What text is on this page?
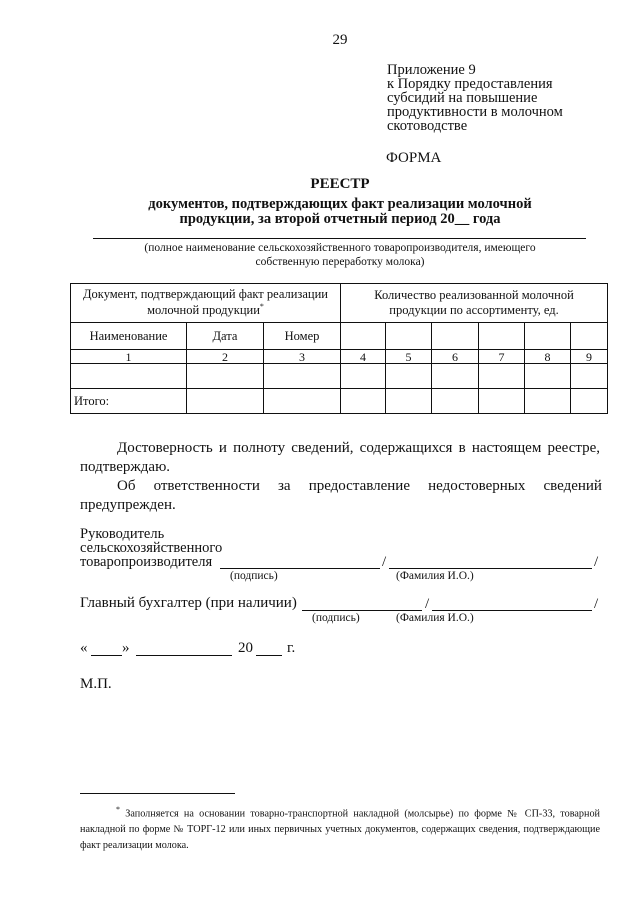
29
Приложение 9
к Порядку предоставления
субсидий на повышение
продуктивности в молочном
скотоводстве
ФОРМА
РЕЕСТР
документов, подтверждающих факт реализации молочной
продукции, за второй отчетный период 20__ года
(полное наименование сельскохозяйственного товаропроизводителя, имеющего
собственную переработку молока)
Документ, подтверждающий факт реализации молочной продукции*			Количество реализованной молочной продукции по ассортименту, ед.					
Наименование	Дата	Номер						
1	2	3	4	5	6	7	8	9

Итого:								
Достоверность и полноту сведений, содержащихся в настоящем реестре, подтверждаю.
Об ответственности за предоставление недостоверных сведений
предупрежден.
Руководитель
сельскохозяйственного
товаропроизводителя	/	/
(подпись)	(Фамилия И.О.)
Главный бухгалтер (при наличии)	/	/
(подпись)	(Фамилия И.О.)
« »	20 г.
М.П.
* Заполняется на основании товарно-транспортной накладной (молсырье) по форме № СП-33, товарной накладной по форме № ТОРГ-12 или иных первичных учетных документов, содержащих сведения, подтверждающие факт реализации молока.
